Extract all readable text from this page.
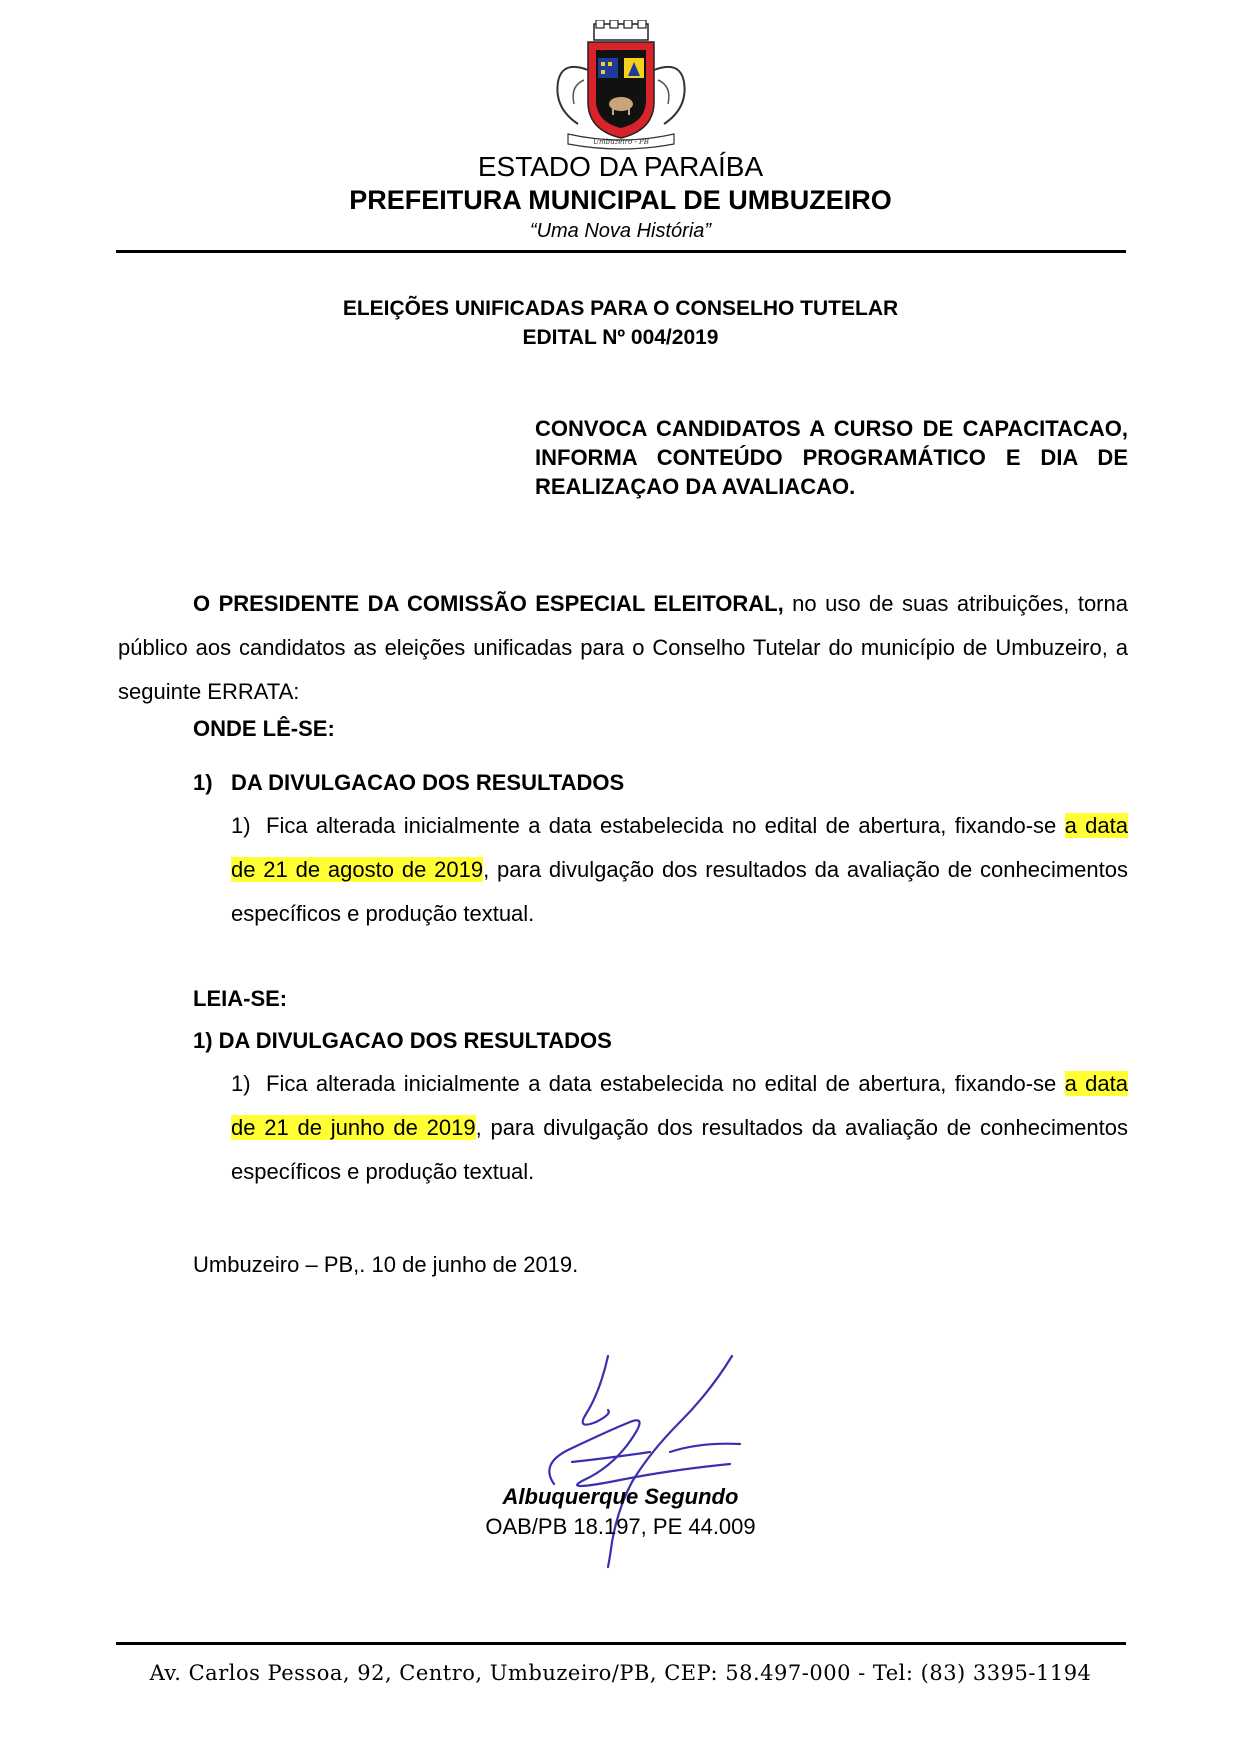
Umbuzeiro - PB
ESTADO DA PARAÍBA
PREFEITURA MUNICIPAL DE UMBUZEIRO
“Uma Nova História”
ELEIÇÕES UNIFICADAS PARA O CONSELHO TUTELAR
EDITAL Nº 004/2019
CONVOCA CANDIDATOS A CURSO DE CAPACITACAO, INFORMA CONTEÚDO PROGRAMÁTICO E DIA DE REALIZAÇAO DA AVALIACAO.
O PRESIDENTE DA COMISSÃO ESPECIAL ELEITORAL, no uso de suas atribuições, torna público aos candidatos as eleições unificadas para o Conselho Tutelar do município de Umbuzeiro, a seguinte ERRATA:
ONDE LÊ-SE:
1) DA DIVULGACAO DOS RESULTADOS
1) Fica alterada inicialmente a data estabelecida no edital de abertura, fixando-se a data de 21 de agosto de 2019, para divulgação dos resultados da avaliação de conhecimentos específicos e produção textual.
LEIA-SE:
1) DA DIVULGACAO DOS RESULTADOS
1) Fica alterada inicialmente a data estabelecida no edital de abertura, fixando-se a data de 21 de junho de 2019, para divulgação dos resultados da avaliação de conhecimentos específicos e produção textual.
Umbuzeiro – PB,. 10 de junho de 2019.
Albuquerque Segundo
OAB/PB 18.197, PE 44.009
Av. Carlos Pessoa, 92, Centro, Umbuzeiro/PB, CEP: 58.497-000 - Tel: (83) 3395-1194
